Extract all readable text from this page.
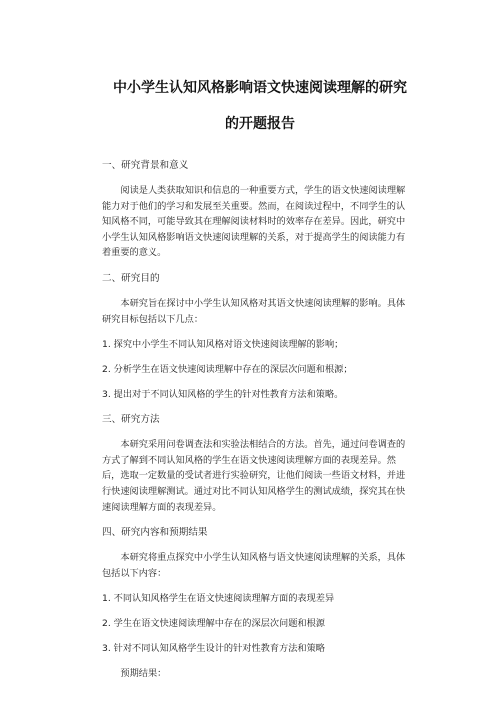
中小学生认知风格影响语文快速阅读理解的研究的开题报告
一、研究背景和意义
阅读是人类获取知识和信息的一种重要方式，学生的语文快速阅读理解能力对于他们的学习和发展至关重要。然而，在阅读过程中，不同学生的认知风格不同，可能导致其在理解阅读材料时的效率存在差异。因此，研究中小学生认知风格影响语文快速阅读理解的关系，对于提高学生的阅读能力有着重要的意义。
二、研究目的
本研究旨在探讨中小学生认知风格对其语文快速阅读理解的影响。具体研究目标包括以下几点：
1. 探究中小学生不同认知风格对语文快速阅读理解的影响；
2. 分析学生在语文快速阅读理解中存在的深层次问题和根源；
3. 提出对于不同认知风格的学生的针对性教育方法和策略。
三、研究方法
本研究采用问卷调查法和实验法相结合的方法。首先，通过问卷调查的方式了解到不同认知风格的学生在语文快速阅读理解方面的表现差异。然后，选取一定数量的受试者进行实验研究，让他们阅读一些语文材料，并进行快速阅读理解测试。通过对比不同认知风格学生的测试成绩，探究其在快速阅读理解方面的表现差异。
四、研究内容和预期结果
本研究将重点探究中小学生认知风格与语文快速阅读理解的关系，具体包括以下内容：
1. 不同认知风格学生在语文快速阅读理解方面的表现差异
2. 学生在语文快速阅读理解中存在的深层次问题和根源
3. 针对不同认知风格学生设计的针对性教育方法和策略
预期结果：
